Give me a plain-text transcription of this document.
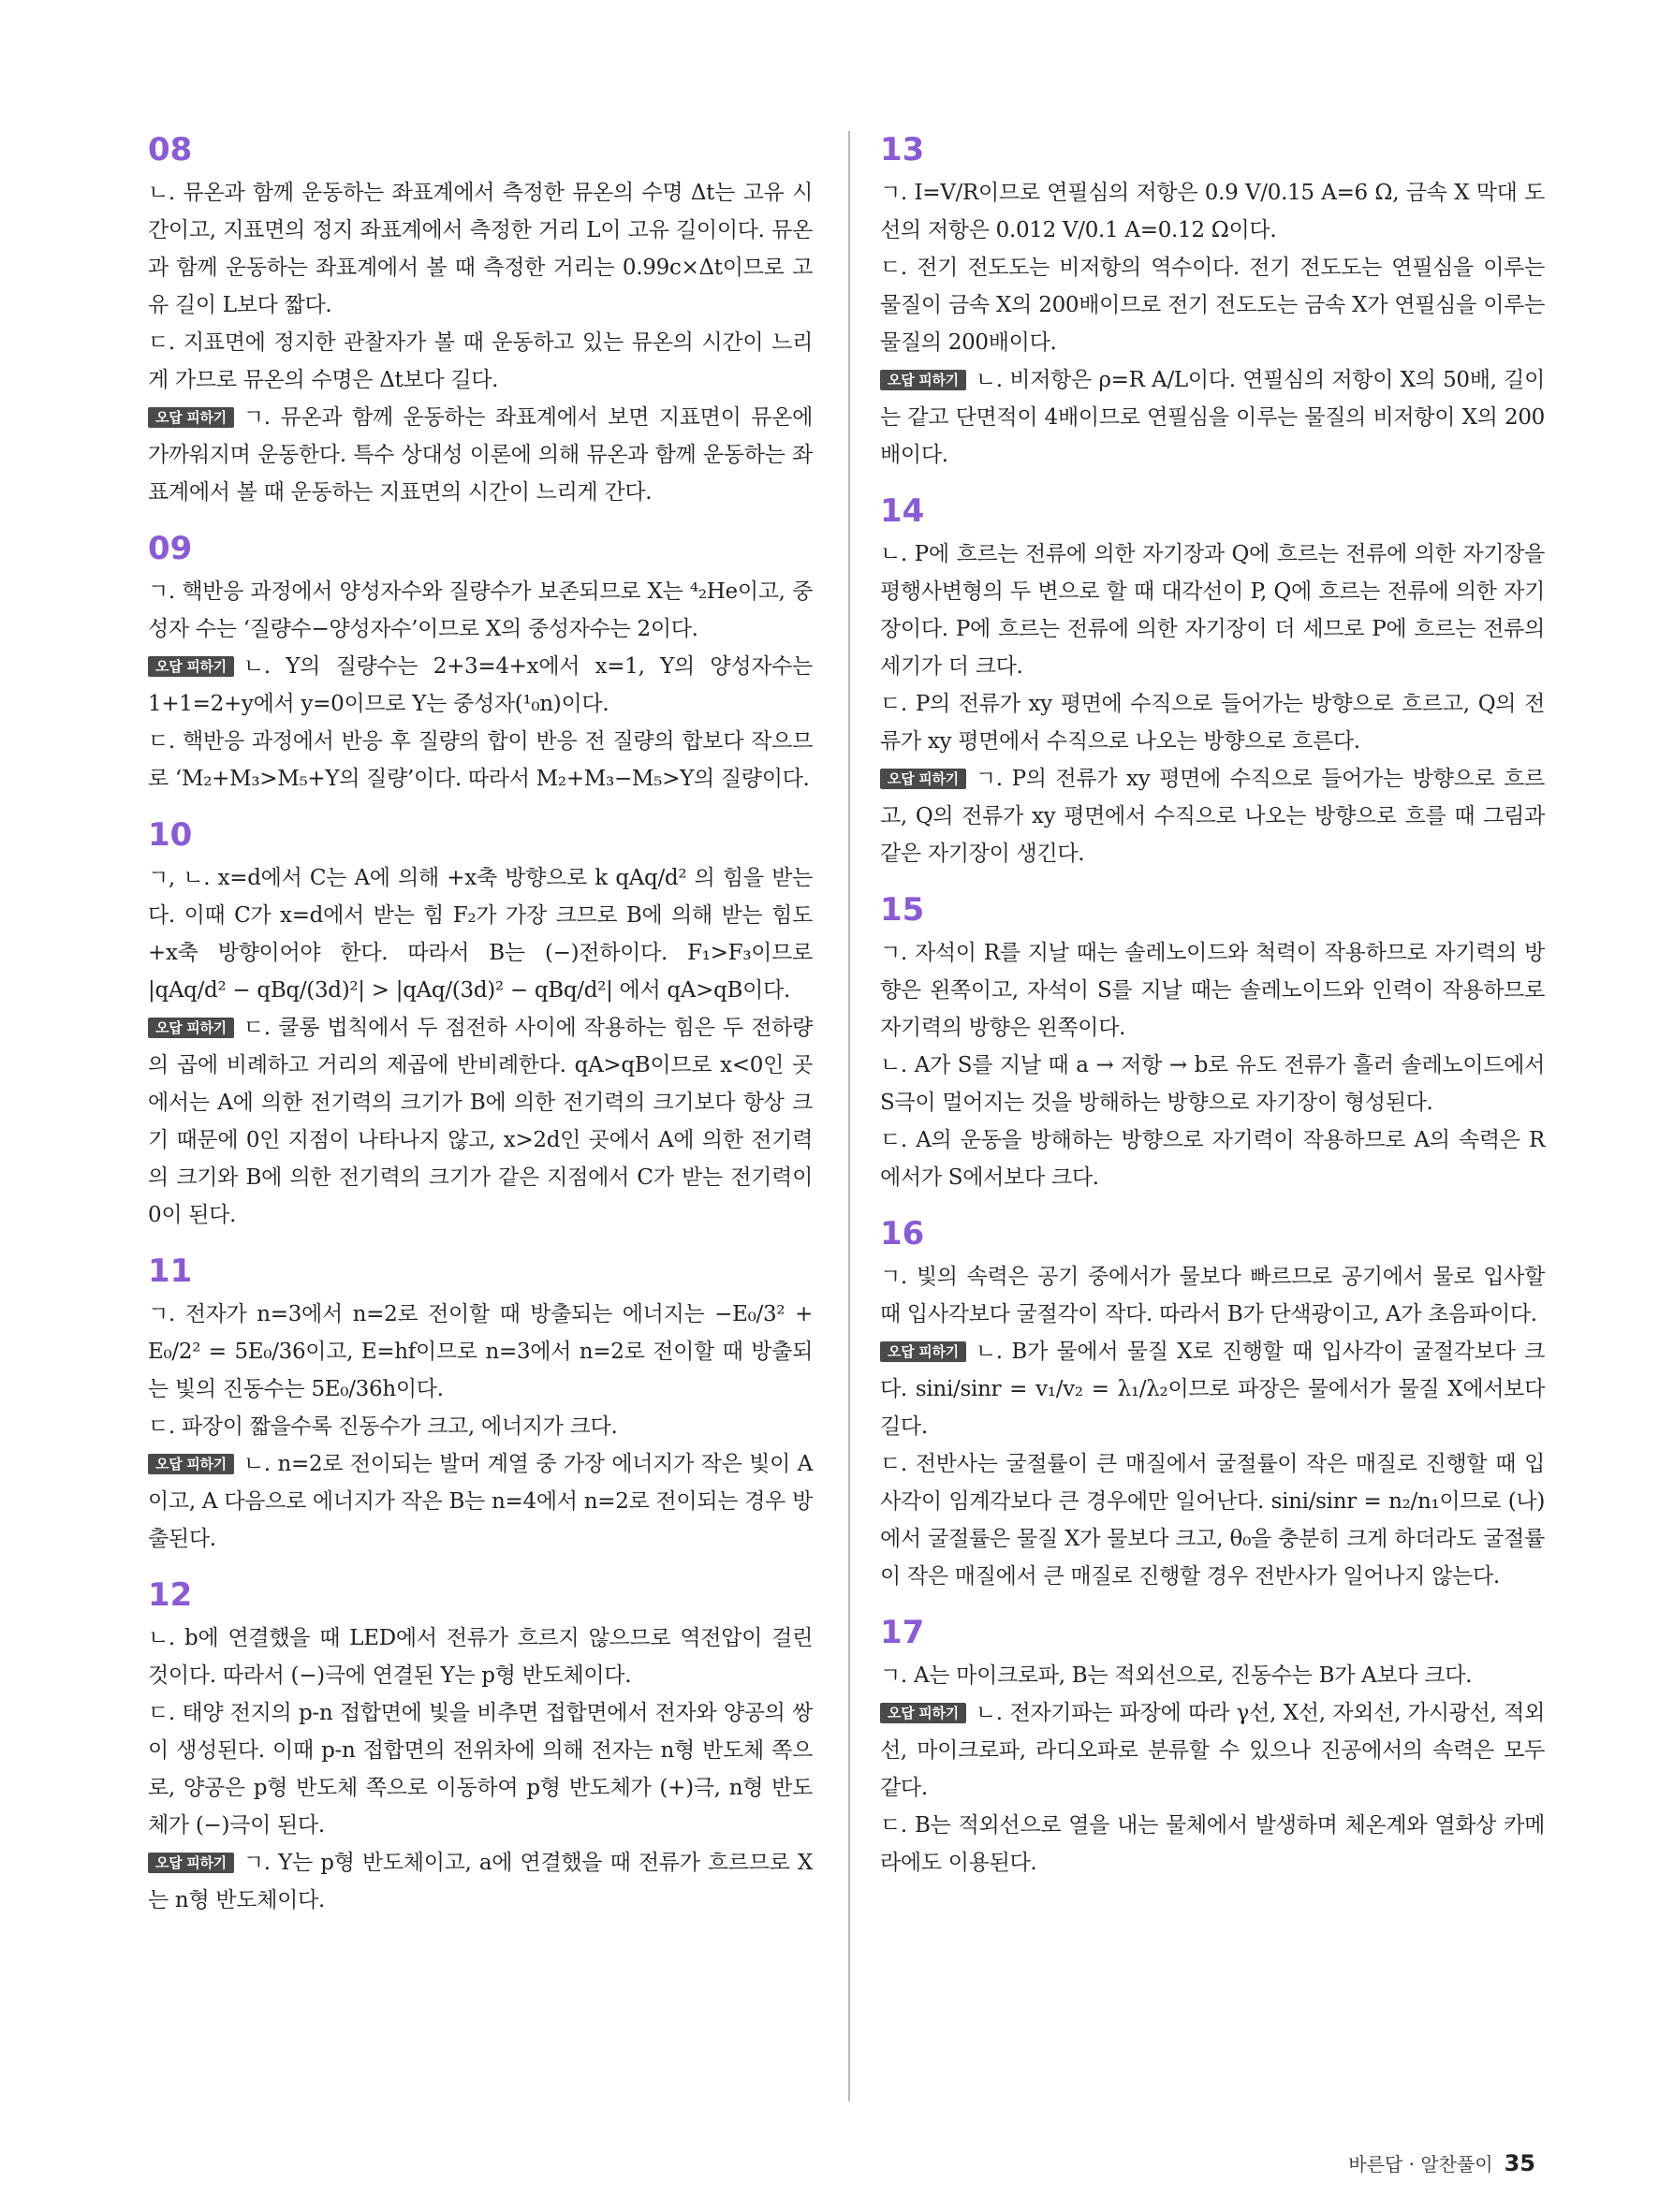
08

ㄴ. 뮤온과 함께 운동하는 좌표계에서 측정한 뮤온의 수명 Δt는 고유 시간이고, 지표면의 정지 좌표계에서 측정한 거리 L이 고유 길이이다. 뮤온과 함께 운동하는 좌표계에서 볼 때 측정한 거리는 0.99c×Δt이므로 고유 길이 L보다 짧다.

ㄷ. 지표면에 정지한 관찰자가 볼 때 운동하고 있는 뮤온의 시간이 느리게 가므로 뮤온의 수명은 Δt보다 길다.

오답 피하기 ㄱ. 뮤온과 함께 운동하는 좌표계에서 보면 지표면이 뮤온에 가까워지며 운동한다. 특수 상대성 이론에 의해 뮤온과 함께 운동하는 좌표계에서 볼 때 운동하는 지표면의 시간이 느리게 간다.

09

ㄱ. 핵반응 과정에서 양성자수와 질량수가 보존되므로 X는 ⁴₂He이고, 중성자 수는 ‘질량수−양성자수’이므로 X의 중성자수는 2이다.

오답 피하기 ㄴ. Y의 질량수는 2+3=4+x에서 x=1, Y의 양성자수는 1+1=2+y에서 y=0이므로 Y는 중성자(¹₀n)이다.

ㄷ. 핵반응 과정에서 반응 후 질량의 합이 반응 전 질량의 합보다 작으므로 ‘M₂+M₃>M₅+Y의 질량’이다. 따라서 M₂+M₃−M₅>Y의 질량이다.

10

ㄱ, ㄴ. x=d에서 C는 A에 의해 +x축 방향으로 k qAq/d² 의 힘을 받는다. 이때 C가 x=d에서 받는 힘 F₂가 가장 크므로 B에 의해 받는 힘도 +x축 방향이어야 한다. 따라서 B는 (−)전하이다. F₁>F₃이므로 |qAq/d² − qBq/(3d)²| > |qAq/(3d)² − qBq/d²| 에서 qA>qB이다.

오답 피하기 ㄷ. 쿨롱 법칙에서 두 점전하 사이에 작용하는 힘은 두 전하량의 곱에 비례하고 거리의 제곱에 반비례한다. qA>qB이므로 x<0인 곳에서는 A에 의한 전기력의 크기가 B에 의한 전기력의 크기보다 항상 크기 때문에 0인 지점이 나타나지 않고, x>2d인 곳에서 A에 의한 전기력의 크기와 B에 의한 전기력의 크기가 같은 지점에서 C가 받는 전기력이 0이 된다.

11

ㄱ. 전자가 n=3에서 n=2로 전이할 때 방출되는 에너지는 −E₀/3² + E₀/2² = 5E₀/36이고, E=hf이므로 n=3에서 n=2로 전이할 때 방출되는 빛의 진동수는 5E₀/36h이다.

ㄷ. 파장이 짧을수록 진동수가 크고, 에너지가 크다.

오답 피하기 ㄴ. n=2로 전이되는 발머 계열 중 가장 에너지가 작은 빛이 A이고, A 다음으로 에너지가 작은 B는 n=4에서 n=2로 전이되는 경우 방출된다.

12

ㄴ. b에 연결했을 때 LED에서 전류가 흐르지 않으므로 역전압이 걸린 것이다. 따라서 (−)극에 연결된 Y는 p형 반도체이다.

ㄷ. 태양 전지의 p-n 접합면에 빛을 비추면 접합면에서 전자와 양공의 쌍이 생성된다. 이때 p-n 접합면의 전위차에 의해 전자는 n형 반도체 쪽으로, 양공은 p형 반도체 쪽으로 이동하여 p형 반도체가 (+)극, n형 반도체가 (−)극이 된다.

오답 피하기 ㄱ. Y는 p형 반도체이고, a에 연결했을 때 전류가 흐르므로 X는 n형 반도체이다.

13

ㄱ. I=V/R이므로 연필심의 저항은 0.9 V/0.15 A=6 Ω, 금속 X 막대 도선의 저항은 0.012 V/0.1 A=0.12 Ω이다.

ㄷ. 전기 전도도는 비저항의 역수이다. 전기 전도도는 연필심을 이루는 물질이 금속 X의 200배이므로 전기 전도도는 금속 X가 연필심을 이루는 물질의 200배이다.

오답 피하기 ㄴ. 비저항은 ρ=R A/L이다. 연필심의 저항이 X의 50배, 길이는 같고 단면적이 4배이므로 연필심을 이루는 물질의 비저항이 X의 200배이다.

14

ㄴ. P에 흐르는 전류에 의한 자기장과 Q에 흐르는 전류에 의한 자기장을 평행사변형의 두 변으로 할 때 대각선이 P, Q에 흐르는 전류에 의한 자기장이다. P에 흐르는 전류에 의한 자기장이 더 세므로 P에 흐르는 전류의 세기가 더 크다.

ㄷ. P의 전류가 xy 평면에 수직으로 들어가는 방향으로 흐르고, Q의 전류가 xy 평면에서 수직으로 나오는 방향으로 흐른다.

오답 피하기 ㄱ. P의 전류가 xy 평면에 수직으로 들어가는 방향으로 흐르고, Q의 전류가 xy 평면에서 수직으로 나오는 방향으로 흐를 때 그림과 같은 자기장이 생긴다.

15

ㄱ. 자석이 R를 지날 때는 솔레노이드와 척력이 작용하므로 자기력의 방향은 왼쪽이고, 자석이 S를 지날 때는 솔레노이드와 인력이 작용하므로 자기력의 방향은 왼쪽이다.

ㄴ. A가 S를 지날 때 a → 저항 → b로 유도 전류가 흘러 솔레노이드에서 S극이 멀어지는 것을 방해하는 방향으로 자기장이 형성된다.

ㄷ. A의 운동을 방해하는 방향으로 자기력이 작용하므로 A의 속력은 R에서가 S에서보다 크다.

16

ㄱ. 빛의 속력은 공기 중에서가 물보다 빠르므로 공기에서 물로 입사할 때 입사각보다 굴절각이 작다. 따라서 B가 단색광이고, A가 초음파이다.

오답 피하기 ㄴ. B가 물에서 물질 X로 진행할 때 입사각이 굴절각보다 크다. sini/sinr = v₁/v₂ = λ₁/λ₂이므로 파장은 물에서가 물질 X에서보다 길다.

ㄷ. 전반사는 굴절률이 큰 매질에서 굴절률이 작은 매질로 진행할 때 입사각이 임계각보다 큰 경우에만 일어난다. sini/sinr = n₂/n₁이므로 (나)에서 굴절률은 물질 X가 물보다 크고, θ₀을 충분히 크게 하더라도 굴절률이 작은 매질에서 큰 매질로 진행할 경우 전반사가 일어나지 않는다.

17

ㄱ. A는 마이크로파, B는 적외선으로, 진동수는 B가 A보다 크다.

오답 피하기 ㄴ. 전자기파는 파장에 따라 γ선, X선, 자외선, 가시광선, 적외선, 마이크로파, 라디오파로 분류할 수 있으나 진공에서의 속력은 모두 같다.

ㄷ. B는 적외선으로 열을 내는 물체에서 발생하며 체온계와 열화상 카메라에도 이용된다.

바른답 · 알찬풀이 35
